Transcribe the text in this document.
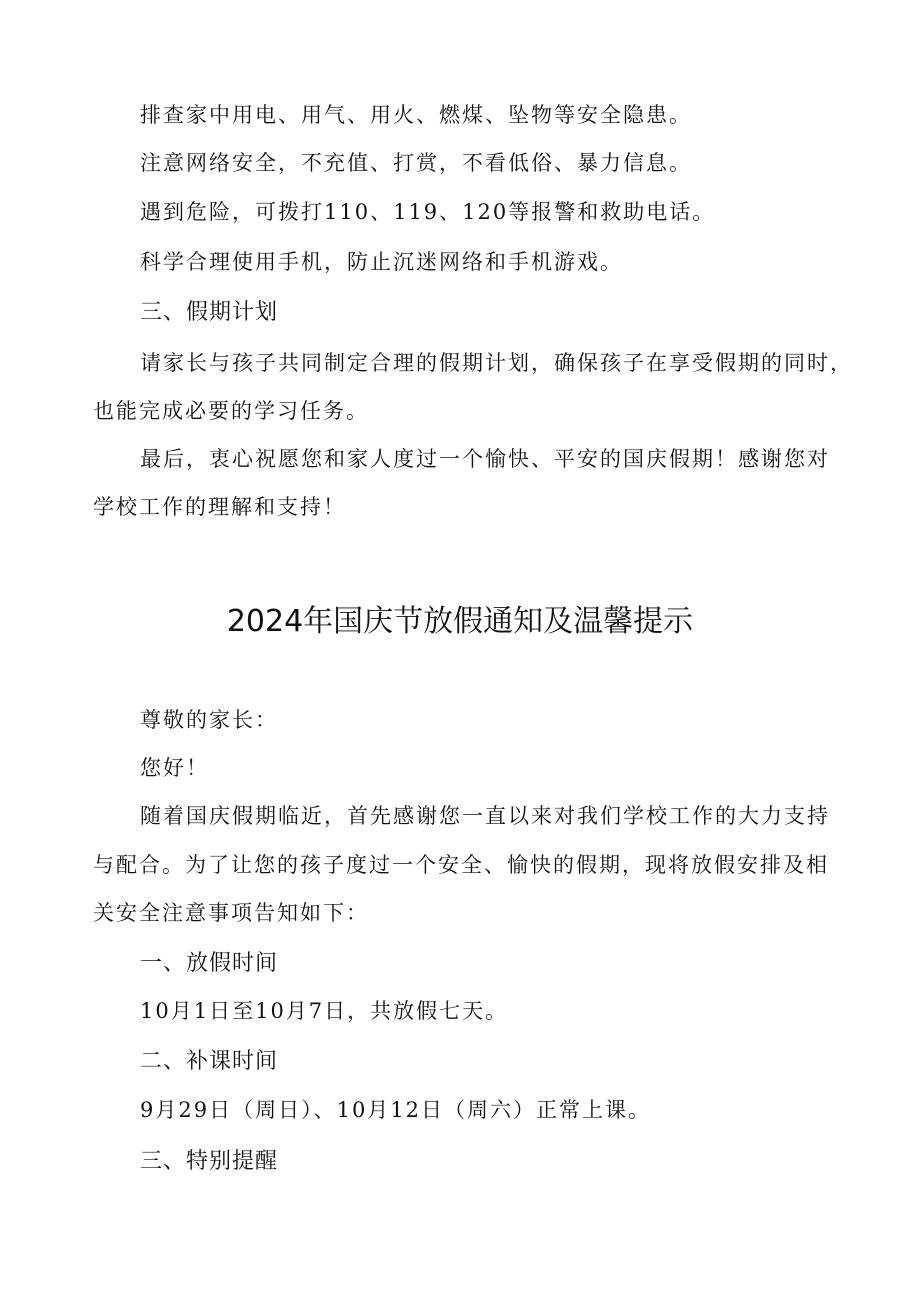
排查家中用电、用气、用火、燃煤、坠物等安全隐患。
注意网络安全，不充值、打赏，不看低俗、暴力信息。
遇到危险，可拨打110、119、120等报警和救助电话。
科学合理使用手机，防止沉迷网络和手机游戏。
三、假期计划
请家长与孩子共同制定合理的假期计划，确保孩子在享受假期的同时，
也能完成必要的学习任务。
最后，衷心祝愿您和家人度过一个愉快、平安的国庆假期！感谢您对
学校工作的理解和支持！
2024年国庆节放假通知及温馨提示
尊敬的家长：
您好！
随着国庆假期临近，首先感谢您一直以来对我们学校工作的大力支持
与配合。为了让您的孩子度过一个安全、愉快的假期，现将放假安排及相
关安全注意事项告知如下：
一、放假时间
10月1日至10月7日，共放假七天。
二、补课时间
9月29日（周日）、10月12日（周六）正常上课。
三、特别提醒
